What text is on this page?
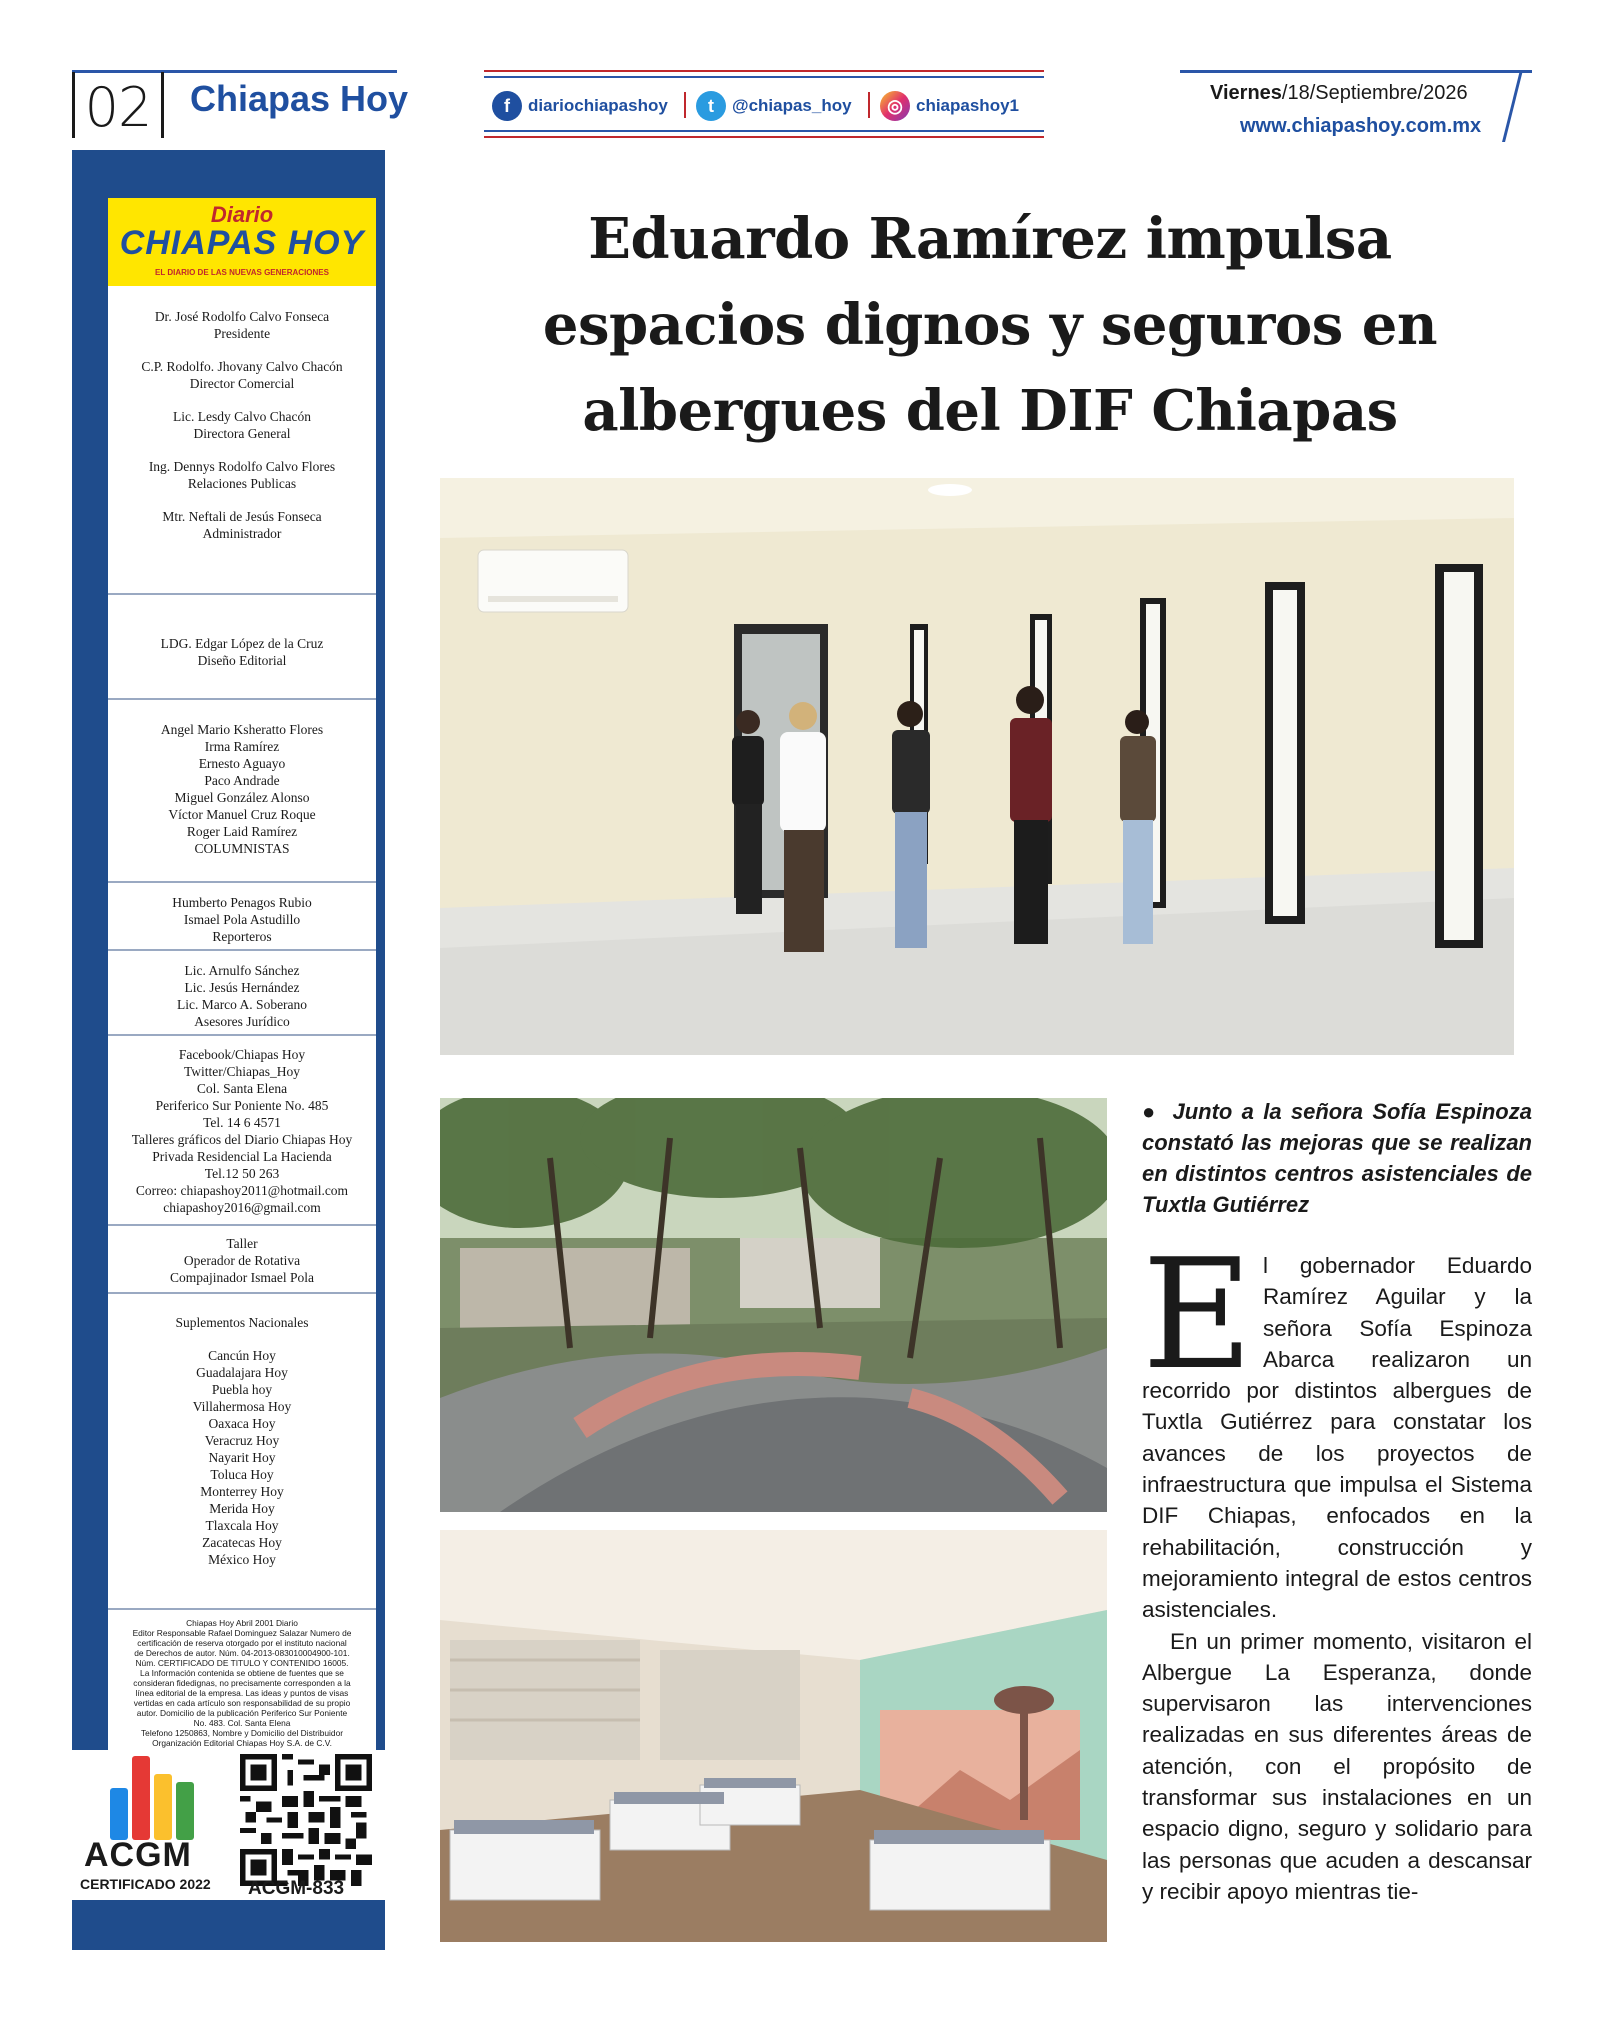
02 Chiapas Hoy	f	diariochiapashoy	t	@chiapas_hoy	◎ chiapashoy1
Viernes/18/Septiembre/2026
www.chiapashoy.com.mx
Diario
CHIAPAS HOY
EL DIARIO DE LAS NUEVAS GENERACIONES
Dr. José Rodolfo Calvo Fonseca
Presidente
C.P. Rodolfo. Jhovany Calvo Chacón
Director Comercial
Lic. Lesdy Calvo Chacón
Directora General
Ing. Dennys Rodolfo Calvo Flores
Relaciones Publicas
Mtr. Neftali de Jesús Fonseca
Administrador
LDG. Edgar López de la Cruz
Diseño Editorial
Angel Mario Ksheratto Flores
Irma Ramírez
Ernesto Aguayo
Paco Andrade
Miguel González Alonso
Víctor Manuel Cruz Roque
Roger Laid Ramírez
COLUMNISTAS
Humberto Penagos Rubio
Ismael Pola Astudillo
Reporteros
Lic. Arnulfo Sánchez
Lic. Jesús Hernández
Lic. Marco A. Soberano
Asesores Jurídico
Facebook/Chiapas Hoy
Twitter/Chiapas_Hoy
Col. Santa Elena
Periferico Sur Poniente No. 485
Tel. 14 6 4571
Talleres gráficos del Diario Chiapas Hoy
Privada Residencial La Hacienda
Tel.12 50 263
Correo: chiapashoy2011@hotmail.com
chiapashoy2016@gmail.com
Taller
Operador de Rotativa
Compajinador Ismael Pola
Suplementos Nacionales
Cancún Hoy
Guadalajara Hoy
Puebla hoy
Villahermosa Hoy
Oaxaca Hoy
Veracruz Hoy
Nayarit Hoy
Toluca Hoy
Monterrey Hoy
Merida Hoy
Tlaxcala Hoy
Zacatecas Hoy
México Hoy
Chiapas Hoy Abril 2001 Diario
Editor Responsable Rafael Dominguez Salazar Numero de
certificación de reserva otorgado por el instituto nacional
de Derechos de autor. Núm. 04-2013-083010004900-101.
Núm. CERTIFICADO DE TITULO Y CONTENIDO 16005.
La Información contenida se obtiene de fuentes que se
consideran fidedignas, no precisamente corresponden a la
línea editorial de la empresa. Las ideas y puntos de visas
vertidas en cada artículo son responsabilidad de su propio
autor. Domicilio de la publicación Periferico Sur Poniente
No. 483. Col. Santa Elena
Telefono 1250863, Nombre y Domicilio del Distribuidor
Organización Editorial Chiapas Hoy S.A. de C.V.
ACGM
CERTIFICADO 2022 ACGM-833
Eduardo Ramírez impulsa
espacios dignos y seguros en
albergues del DIF Chiapas
● Junto a la señora Sofía Espinoza constató las mejoras que se realizan en distintos centros asistenciales de Tuxtla Gutiérrez
E l gobernador Eduardo Ramírez Aguilar y la señora Sofía Espinoza Abarca realizaron un recorrido por distintos albergues de Tuxtla Gutiérrez para constatar los avances de los proyectos de infraestructura que impulsa el Sistema DIF Chiapas, enfocados en la rehabilitación, construcción y mejoramiento integral de estos centros asistenciales.

En un primer momento, visitaron el Albergue La Esperanza, donde supervisaron las intervenciones realizadas en sus diferentes áreas de atención, con el propósito de transformar sus instalaciones en un espacio digno, seguro y solidario para las personas que acuden a descansar y recibir apoyo mientras tie-
